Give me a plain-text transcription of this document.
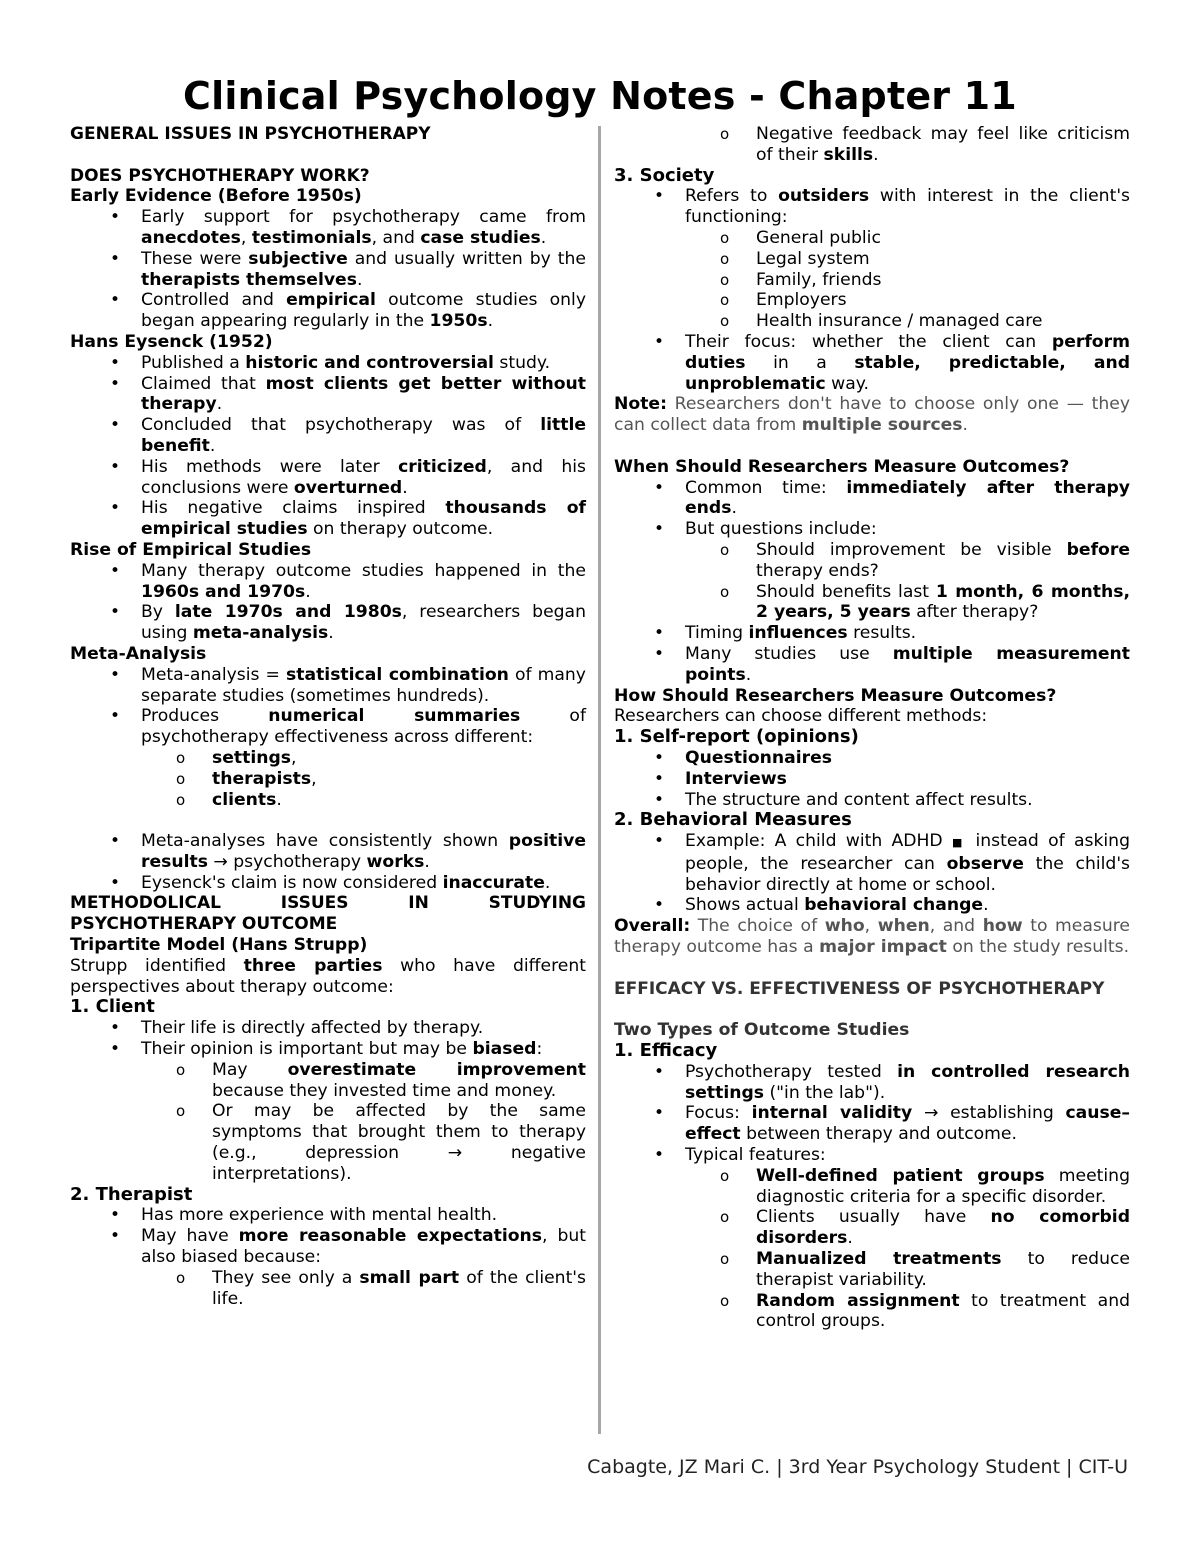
Clinical Psychology Notes - Chapter 11

GENERAL ISSUES IN PSYCHOTHERAPY

DOES PSYCHOTHERAPY WORK?

Early Evidence (Before 1950s)

• Early support for psychotherapy came from anecdotes, testimonials, and case studies.
• These were subjective and usually written by the therapists themselves.
• Controlled and empirical outcome studies only began appearing regularly in the 1950s.

Hans Eysenck (1952)

• Published a historic and controversial study.
• Claimed that most clients get better without therapy.
• Concluded that psychotherapy was of little benefit.
• His methods were later criticized, and his conclusions were overturned.
• His negative claims inspired thousands of empirical studies on therapy outcome.

Rise of Empirical Studies

• Many therapy outcome studies happened in the 1960s and 1970s.
• By late 1970s and 1980s, researchers began using meta-analysis.

Meta-Analysis

• Meta-analysis = statistical combination of many separate studies (sometimes hundreds).
• Produces numerical summaries of psychotherapy effectiveness across different:
o settings,
o therapists,
o clients.
• Meta-analyses have consistently shown positive results → psychotherapy works.
• Eysenck's claim is now considered inaccurate.

METHODOLICAL ISSUES IN STUDYING PSYCHOTHERAPY OUTCOME

Tripartite Model (Hans Strupp)

Strupp identified three parties who have different perspectives about therapy outcome:

1. Client

• Their life is directly affected by therapy.
• Their opinion is important but may be biased:
o May overestimate improvement because they invested time and money.
o Or may be affected by the same symptoms that brought them to therapy (e.g., depression → negative interpretations).

2. Therapist

• Has more experience with mental health.
• May have more reasonable expectations, but also biased because:
o They see only a small part of the client's life.
o Negative feedback may feel like criticism of their skills.

3. Society

• Refers to outsiders with interest in the client's functioning:
o General public
o Legal system
o Family, friends
o Employers
o Health insurance / managed care
• Their focus: whether the client can perform duties in a stable, predictable, and unproblematic way.

Note: Researchers don't have to choose only one — they can collect data from multiple sources.

When Should Researchers Measure Outcomes?

• Common time: immediately after therapy ends.
• But questions include:
o Should improvement be visible before therapy ends?
o Should benefits last 1 month, 6 months, 2 years, 5 years after therapy?
• Timing influences results.
• Many studies use multiple measurement points.

How Should Researchers Measure Outcomes?

Researchers can choose different methods:

1. Self-report (opinions)

• Questionnaires
• Interviews
• The structure and content affect results.

2. Behavioral Measures

• Example: A child with ADHD ■ instead of asking people, the researcher can observe the child's behavior directly at home or school.
• Shows actual behavioral change.

Overall: The choice of who, when, and how to measure therapy outcome has a major impact on the study results.

EFFICACY VS. EFFECTIVENESS OF PSYCHOTHERAPY

Two Types of Outcome Studies

1. Efficacy

• Psychotherapy tested in controlled research settings ("in the lab").
• Focus: internal validity → establishing cause–effect between therapy and outcome.
• Typical features:
o Well-defined patient groups meeting diagnostic criteria for a specific disorder.
o Clients usually have no comorbid disorders.
o Manualized treatments to reduce therapist variability.
o Random assignment to treatment and control groups.
Cabagte, JZ Mari C. | 3rd Year Psychology Student | CIT-U
